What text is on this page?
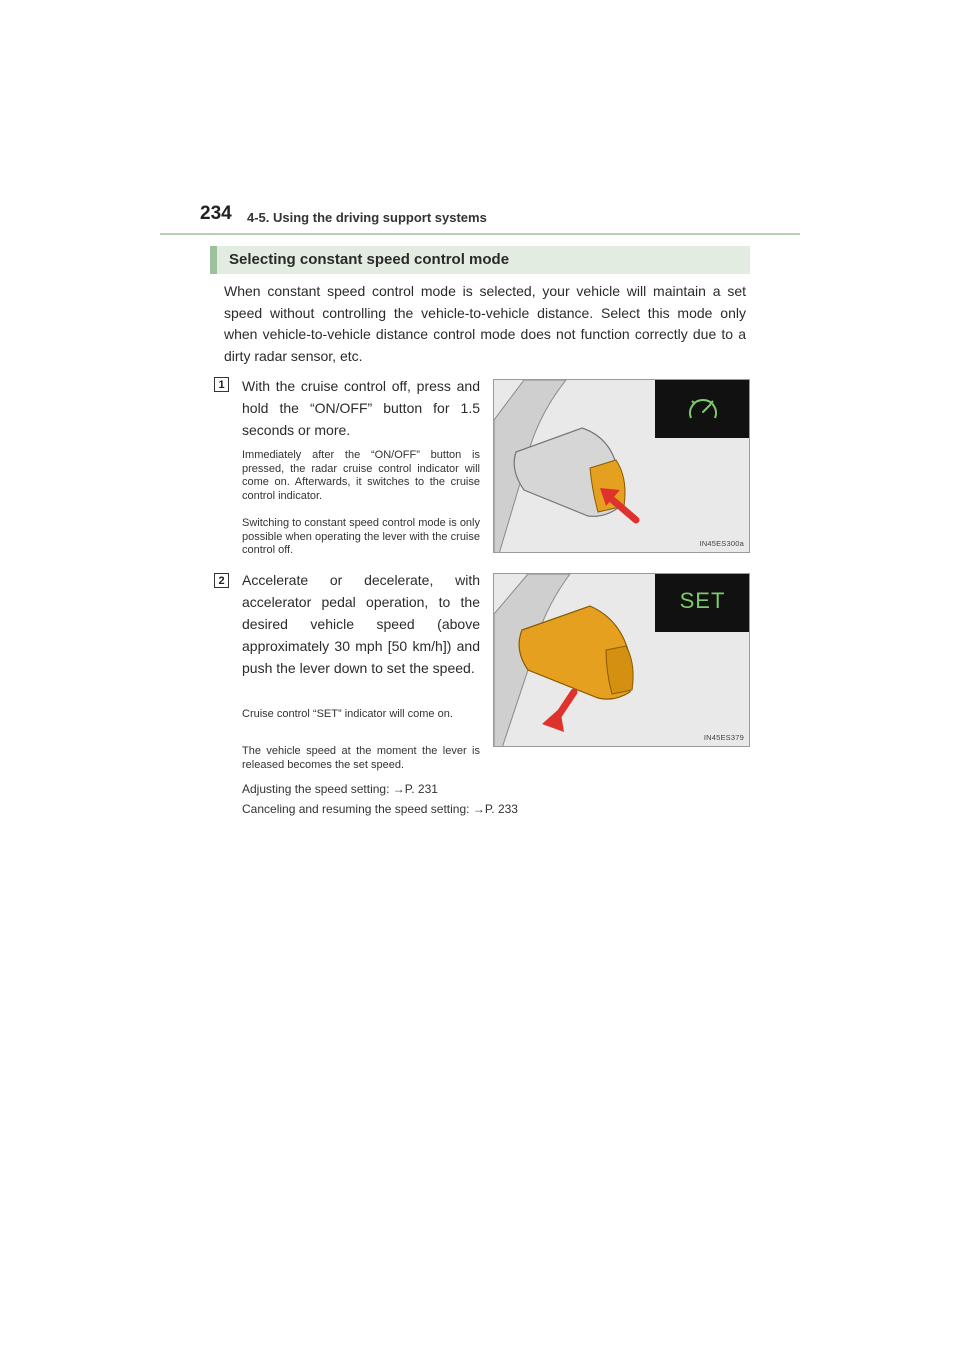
234 4-5. Using the driving support systems
Selecting constant speed control mode

When constant speed control mode is selected, your vehicle will maintain a set speed without controlling the vehicle-to-vehicle distance. Select this mode only when vehicle-to-vehicle distance control mode does not function correctly due to a dirty radar sensor, etc.

1	With the cruise control off, press and hold the “ON/OFF” button for 1.5 seconds or more.

Immediately after the “ON/OFF” button is pressed, the radar cruise control indicator will come on. Afterwards, it switches to the cruise control indicator.

Switching to constant speed control mode is only possible when operating the lever with the cruise control off.

IN45ES300a
2	Accelerate or decelerate, with accelerator pedal operation, to the desired vehicle speed (above approximately 30 mph [50 km/h]) and push the lever down to set the speed.

Cruise control “SET” indicator will come on.

The vehicle speed at the moment the lever is released becomes the set speed.

SET
IN45ES379

Adjusting the speed setting: →P. 231

Canceling and resuming the speed setting: →P. 233
